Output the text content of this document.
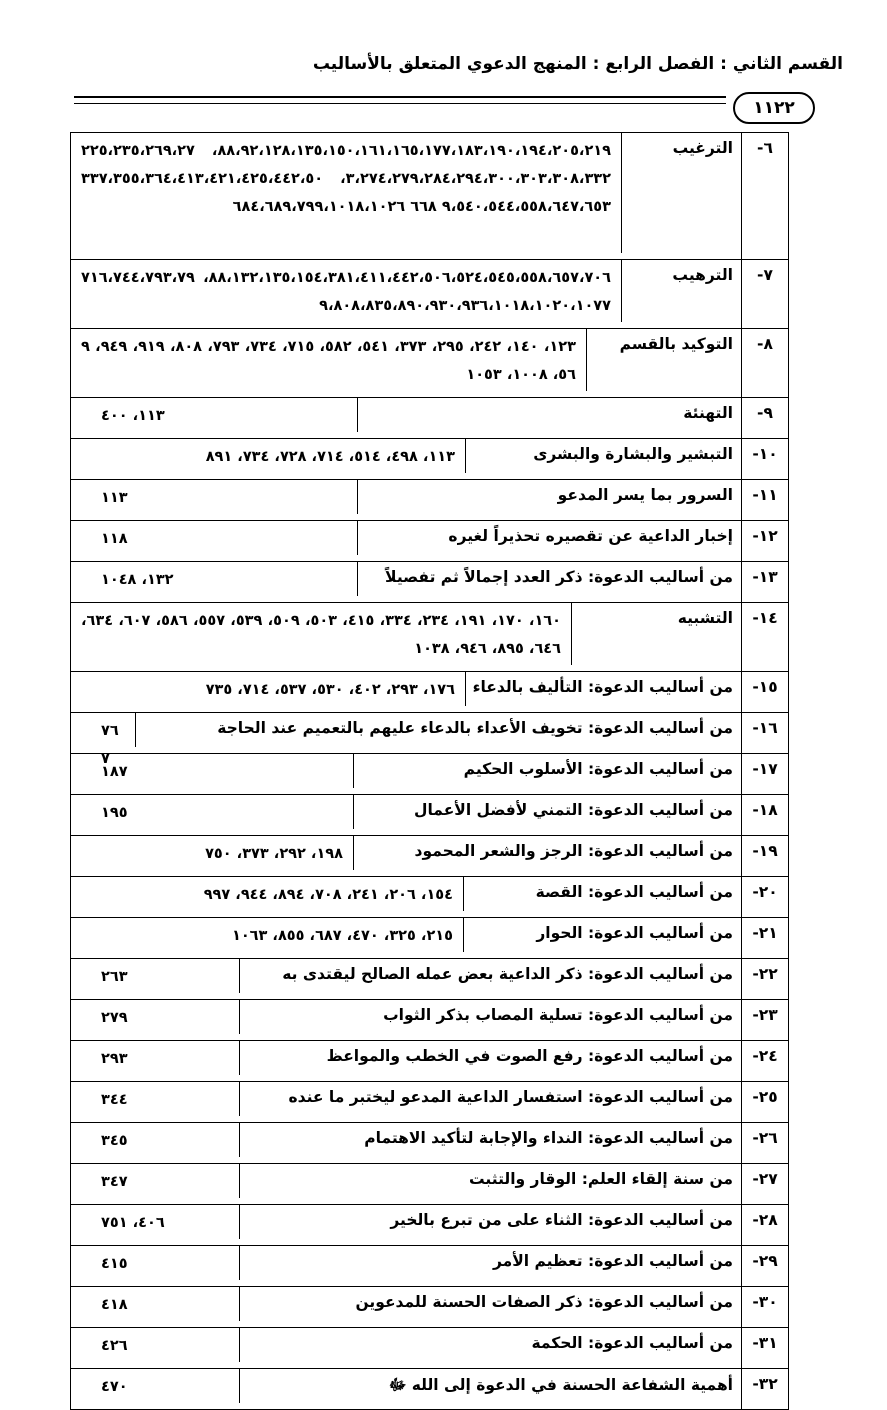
القسم الثاني : الفصل الرابع : المنهج الدعوي المتعلق بالأساليب
١١٢٢
٦-	الترغيب
٨٨،٩٢،١٢٨،١٣٥،١٥٠،١٦١،١٦٥،١٧٧،١٨٣،١٩٠،١٩٤،٢٠٥،٢١٩، ٢٢٥،٢٣٥،٢٦٩،٢٧٣،٢٧٤،٢٧٩،٢٨٤،٢٩٤،٣٠٠،٣٠٣،٣٠٨،٣٣٢، ٣٣٧،٣٥٥،٣٦٤،٤١٣،٤٢١،٤٢٥،٤٤٢،٥٠٩،٥٤٠،٥٤٤،٥٥٨،٦٤٧،٦٥٣ ٦٦٨ ٦٨٤،٦٨٩،٧٩٩،١٠١٨،١٠٢٦

٧-	الترهيب
٨٨،١٣٢،١٣٥،١٥٤،٣٨١،٤١١،٤٤٢،٥٠٦،٥٢٤،٥٤٥،٥٥٨،٦٥٧،٧٠٦، ٧١٦،٧٤٤،٧٩٣،٧٩٩،٨٠٨،٨٣٥،٨٩٠،٩٣٠،٩٣٦،١٠١٨،١٠٢٠،١٠٧٧

٨-	التوكيد بالقسم
١٢٣، ١٤٠، ٢٤٢، ٢٩٥، ٣٧٣، ٥٤١، ٥٨٢، ٧١٥، ٧٣٤، ٧٩٣، ٨٠٨، ٩١٩، ٩٤٩، ٩٥٦، ١٠٠٨، ١٠٥٣

٩-	التهنئة
١١٣، ٤٠٠

١٠-	التبشير والبشارة والبشرى
١١٣، ٤٩٨، ٥١٤، ٧١٤، ٧٢٨، ٧٣٤، ٨٩١

١١-	السرور بما يسر المدعو
١١٣

١٢-	إخبار الداعية عن تقصيره تحذيراً لغيره
١١٨

١٣-	من أساليب الدعوة: ذكر العدد إجمالاً ثم تفصيلاً
١٣٢، ١٠٤٨

١٤-	التشبيه
١٦٠، ١٧٠، ١٩١، ٢٣٤، ٣٣٤، ٤١٥، ٥٠٣، ٥٠٩، ٥٣٩، ٥٥٧، ٥٨٦، ٦٠٧، ٦٣٤، ٦٤٦، ٨٩٥، ٩٤٦، ١٠٣٨

١٥-	من أساليب الدعوة: التأليف بالدعاء
١٧٦، ٢٩٣، ٤٠٢، ٥٣٠، ٥٣٧، ٧١٤، ٧٣٥

١٦-	من أساليب الدعوة: تخويف الأعداء بالدعاء عليهم بالتعميم عند الحاجة
٧٦٧

١٧-	من أساليب الدعوة: الأسلوب الحكيم
١٨٧

١٨-	من أساليب الدعوة: التمني لأفضل الأعمال
١٩٥

١٩-	من أساليب الدعوة: الرجز والشعر المحمود
١٩٨، ٢٩٢، ٣٧٣، ٧٥٠

٢٠-	من أساليب الدعوة: القصة
١٥٤، ٢٠٦، ٢٤١، ٧٠٨، ٨٩٤، ٩٤٤، ٩٩٧

٢١-	من أساليب الدعوة: الحوار
٢١٥، ٣٢٥، ٤٧٠، ٦٨٧، ٨٥٥، ١٠٦٣

٢٢-	من أساليب الدعوة: ذكر الداعية بعض عمله الصالح ليقتدى به
٢٦٣

٢٣-	من أساليب الدعوة: تسلية المصاب بذكر الثواب
٢٧٩

٢٤-	من أساليب الدعوة: رفع الصوت في الخطب والمواعظ
٢٩٣

٢٥-	من أساليب الدعوة: استفسار الداعية المدعو ليختبر ما عنده
٣٤٤

٢٦-	من أساليب الدعوة: النداء والإجابة لتأكيد الاهتمام
٣٤٥

٢٧-	من سنة إلقاء العلم: الوقار والتثبت
٣٤٧

٢٨-	من أساليب الدعوة: الثناء على من تبرع بالخير
٤٠٦، ٧٥١

٢٩-	من أساليب الدعوة: تعظيم الأمر
٤١٥

٣٠-	من أساليب الدعوة: ذكر الصفات الحسنة للمدعوين
٤١٨

٣١-	من أساليب الدعوة: الحكمة
٤٢٦

٣٢-	أهمية الشفاعة الحسنة في الدعوة إلى الله ﷻ
٤٧٠
